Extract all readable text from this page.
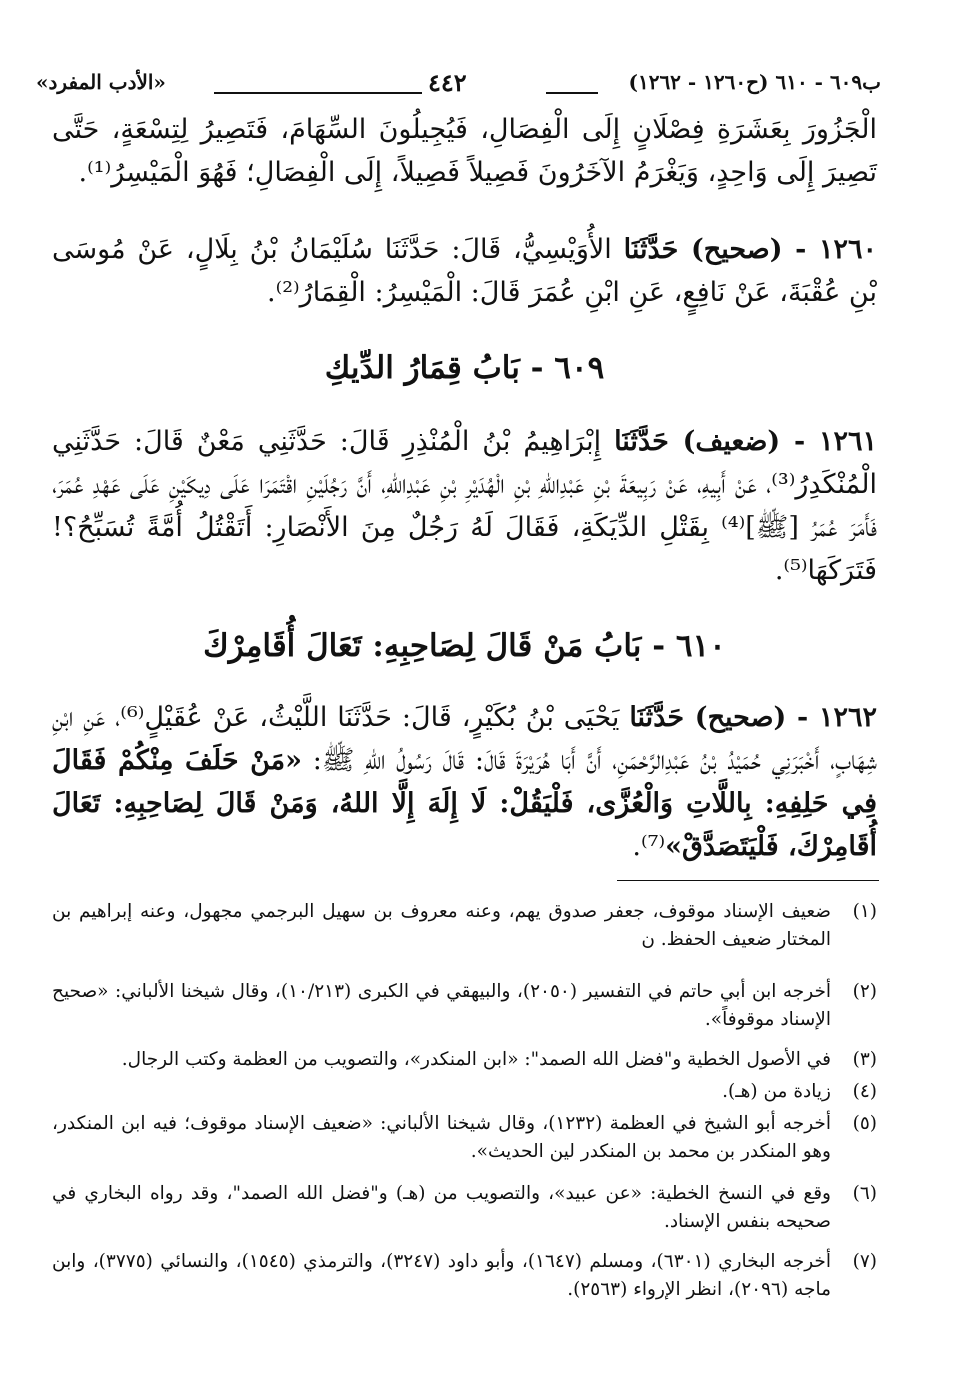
ب٦٠٩ - ٦١٠ (ح١٢٦٠ - ١٢٦٢)
٤٤٢
«الأدب المفرد»

الْجَزُورَ بِعَشَرَةِ فِصْلَانٍ إِلَى الْفِصَالِ، فَيُجِيلُونَ السِّهَامَ، فَتَصِيرُ لِتِسْعَةٍ، حَتَّى تَصِيرَ إِلَى وَاحِدٍ، وَيَغْرَمُ الآخَرُونَ فَصِيلاً فَصِيلاً، إِلَى الْفِصَالِ؛ فَهُوَ الْمَيْسِرُ⁽¹⁾.

١٢٦٠ - (صحيح) حَدَّثَنَا الأُوَيْسِيُّ، قَالَ: حَدَّثَنَا سُلَيْمَانُ بْنُ بِلَالٍ، عَنْ مُوسَى بْنِ عُقْبَةَ، عَنْ نَافِعٍ، عَنِ ابْنِ عُمَرَ قَالَ: الْمَيْسِرُ: الْقِمَارُ⁽²⁾.

٦٠٩ - بَابُ قِمَارُ الدِّيكِ

١٢٦١ - (ضعيف) حَدَّثَنَا إِبْرَاهِيمُ بْنُ الْمُنْذِرِ قَالَ: حَدَّثَنِي مَعْنٌ قَالَ: حَدَّثَنِي الْمُنْكَدِرُ⁽³⁾، عَنْ أَبِيهِ، عَنْ رَبِيعَةَ بْنِ عَبْدِاللهِ بْنِ الْهُدَيْرِ بْنِ عَبْدِاللهِ، أَنَّ رَجُلَيْنِ اقْتَمَرَا عَلَى دِيكَيْنِ عَلَى عَهْدِ عُمَرَ، فَأَمَرَ عُمَرُ [ﷺ]⁽⁴⁾ بِقَتْلِ الدِّيَكَةِ، فَقَالَ لَهُ رَجُلٌ مِنَ الأَنْصَارِ: أَتَقْتُلُ أُمَّةً تُسَبِّحُ؟! فَتَرَكَهَا⁽⁵⁾.

٦١٠ - بَابُ مَنْ قَالَ لِصَاحِبِهِ: تَعَالَ أُقَامِرْكَ

١٢٦٢ - (صحيح) حَدَّثَنَا يَحْيَى بْنُ بُكَيْرٍ، قَالَ: حَدَّثَنَا اللَّيْثُ، عَنْ عُقَيْلٍ⁽⁶⁾، عَنِ ابْنِ شِهَابٍ، أَخْبَرَنِي حُمَيْدُ بْنُ عَبْدِالرَّحْمَنِ، أَنَّ أَبَا هُرَيْرَةَ قَالَ: قَالَ رَسُولُ اللهِ ﷺ: «مَنْ حَلَفَ مِنْكُمْ فَقَالَ فِي حَلِفِهِ: بِاللَّاتِ وَالْعُزَّى، فَلْيَقُلْ: لَا إِلَهَ إِلَّا اللهُ، وَمَنْ قَالَ لِصَاحِبِهِ: تَعَالَ أُقَامِرْكَ، فَلْيَتَصَدَّقْ»⁽⁷⁾.

(١)
ضعيف الإسناد موقوف، جعفر صدوق يهم، وعنه معروف بن سهيل البرجمي مجهول، وعنه إبراهيم بن المختار ضعيف الحفظ. ن
(٢)
أخرجه ابن أبي حاتم في التفسير (٢٠٥٠)، والبيهقي في الكبرى (١٠/٢١٣)، وقال شيخنا الألباني: «صحيح الإسناد موقوفاً».
(٣)
في الأصول الخطية و"فضل الله الصمد": «ابن المنكدر»، والتصويب من العظمة وكتب الرجال.
(٤)
زيادة من (هـ).
(٥)
أخرجه أبو الشيخ في العظمة (١٢٣٢)، وقال شيخنا الألباني: «ضعيف الإسناد موقوف؛ فيه ابن المنكدر، وهو المنكدر بن محمد بن المنكدر لين الحديث».
(٦)
وقع في النسخ الخطية: «عن عبيد»، والتصويب من (هـ) و"فضل الله الصمد"، وقد رواه البخاري في صحيحه بنفس الإسناد.
(٧)
أخرجه البخاري (٦٣٠١)، ومسلم (١٦٤٧)، وأبو داود (٣٢٤٧)، والترمذي (١٥٤٥)، والنسائي (٣٧٧٥)، وابن ماجه (٢٠٩٦)، انظر الإرواء (٢٥٦٣).
